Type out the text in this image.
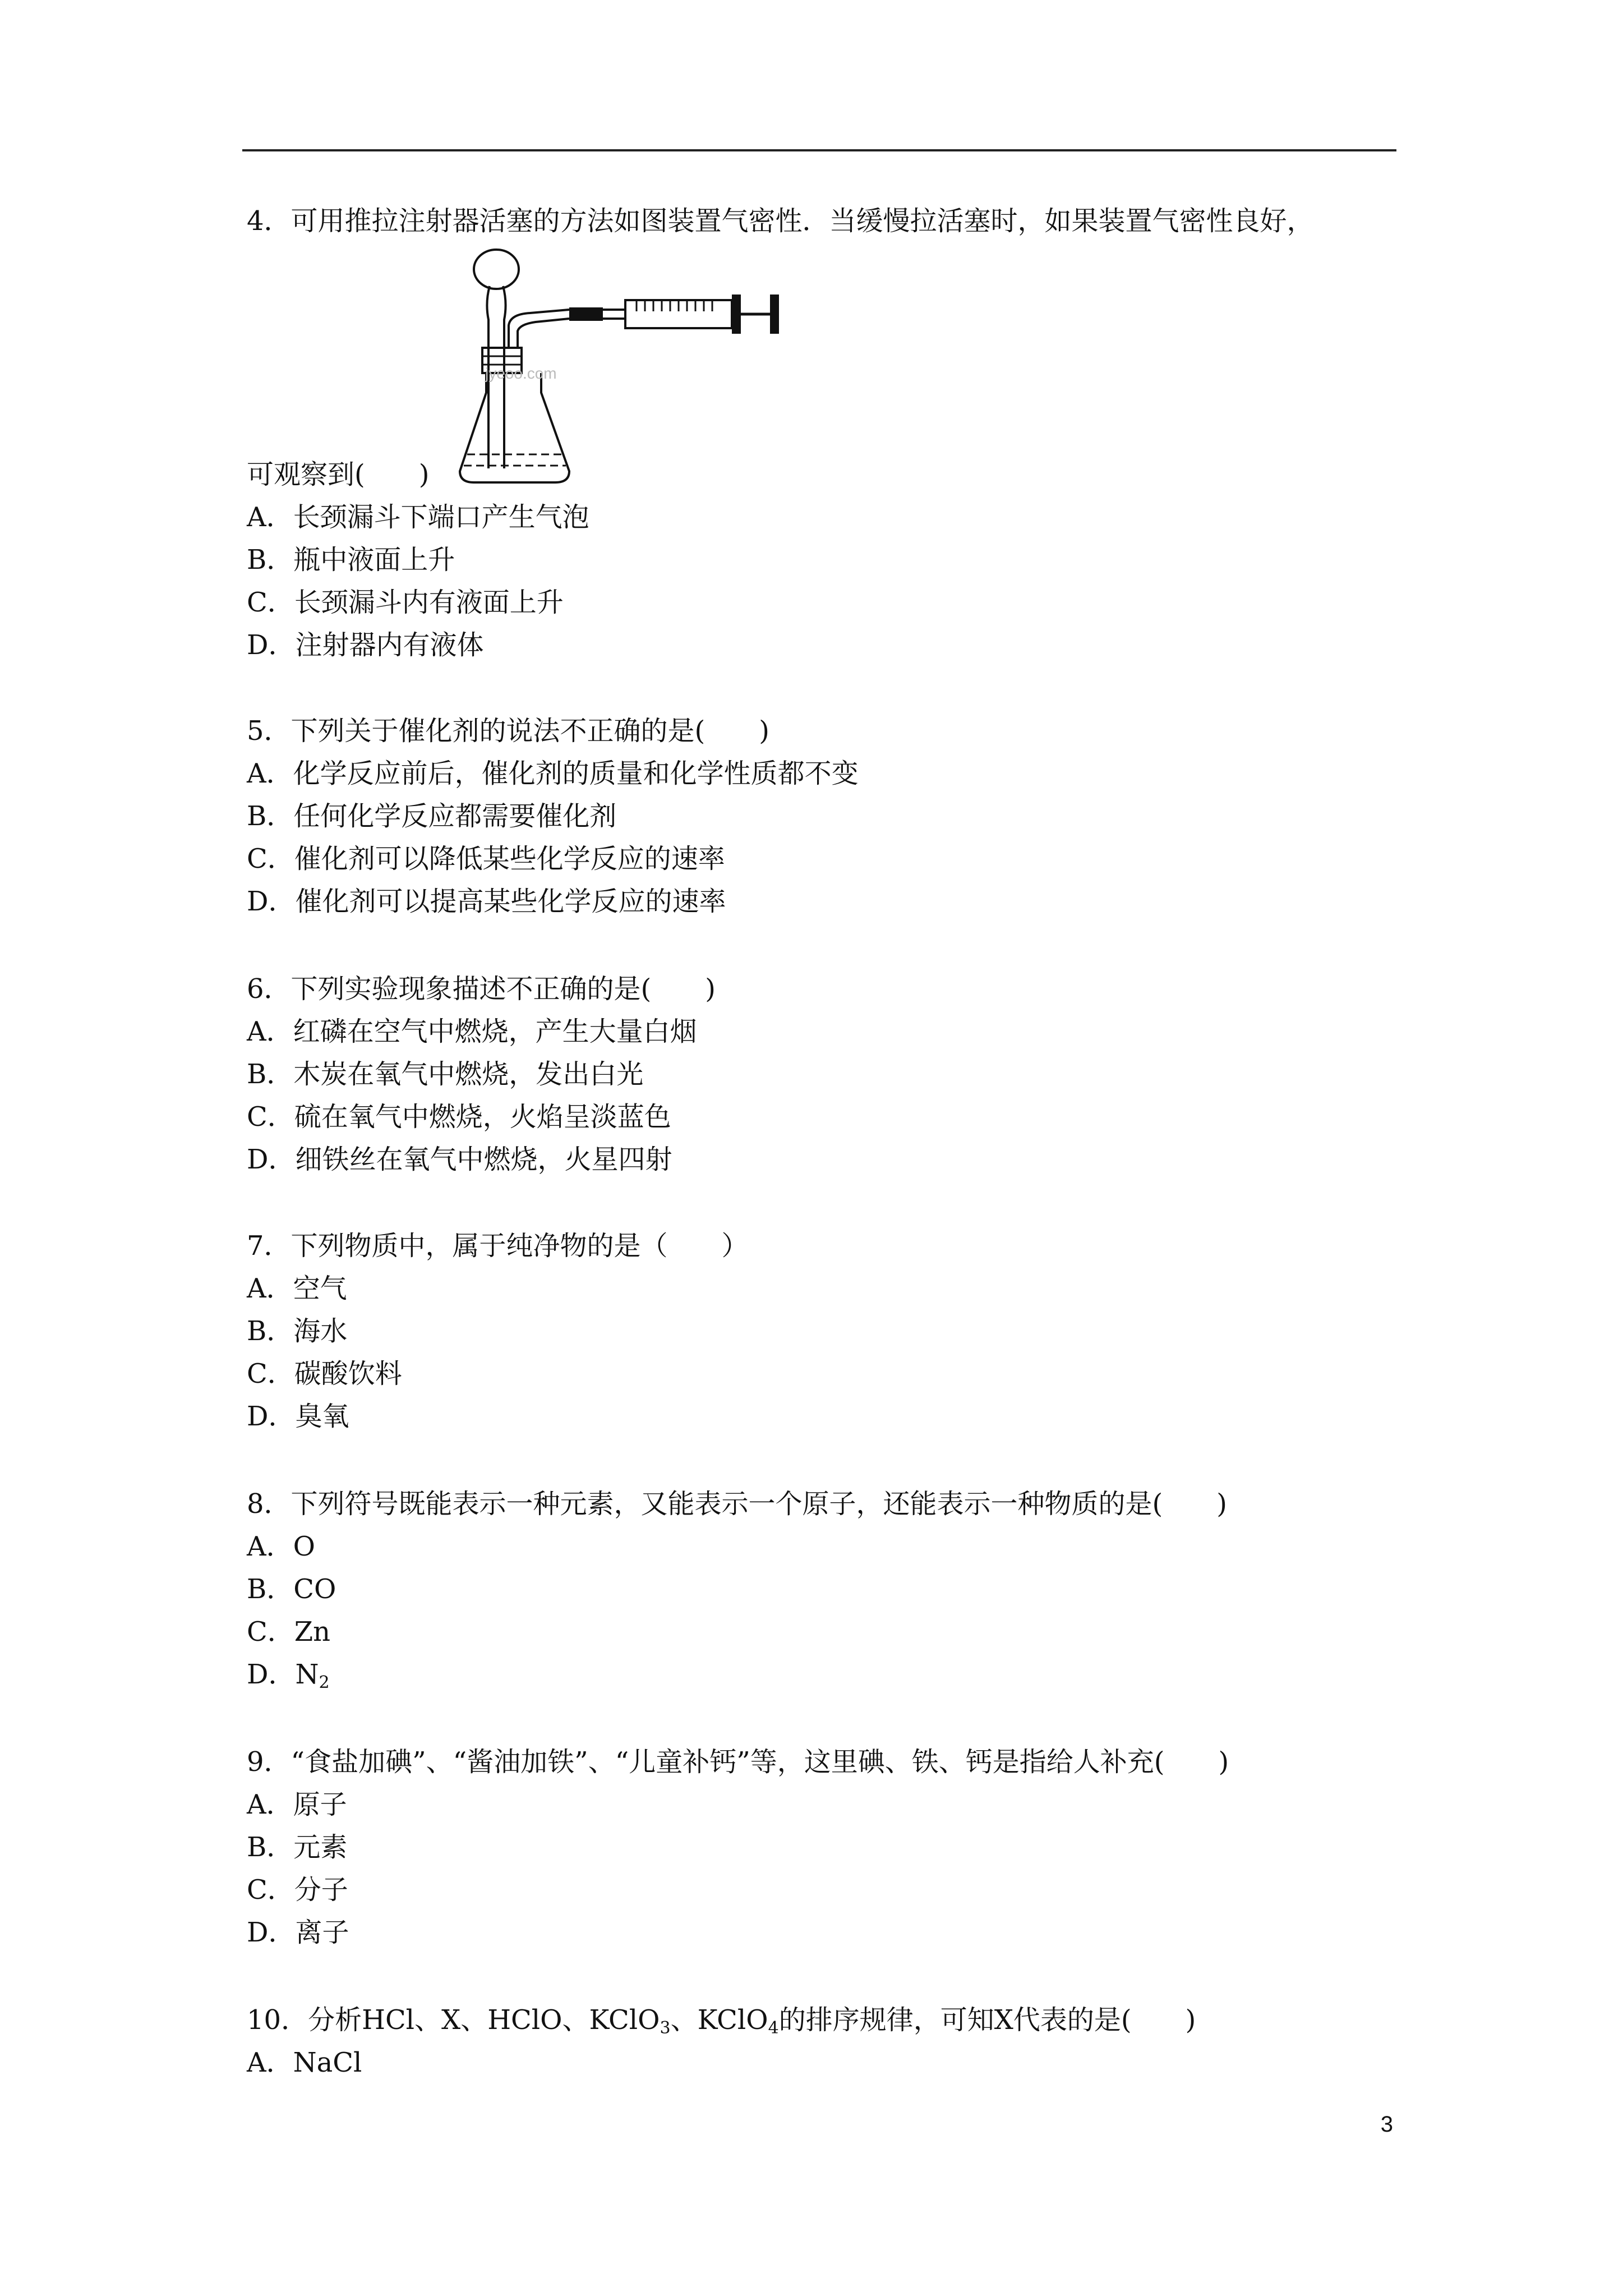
4．可用推拉注射器活塞的方法如图装置气密性．当缓慢拉活塞时，如果装置气密性良好，
jyeoo.com
可观察到(　　)
A．长颈漏斗下端口产生气泡
B．瓶中液面上升
C．长颈漏斗内有液面上升
D．注射器内有液体
5．下列关于催化剂的说法不正确的是(　　)
A．化学反应前后，催化剂的质量和化学性质都不变
B．任何化学反应都需要催化剂
C．催化剂可以降低某些化学反应的速率
D．催化剂可以提高某些化学反应的速率
6．下列实验现象描述不正确的是(　　)
A．红磷在空气中燃烧，产生大量白烟
B．木炭在氧气中燃烧，发出白光
C．硫在氧气中燃烧，火焰呈淡蓝色
D．细铁丝在氧气中燃烧，火星四射
7．下列物质中，属于纯净物的是（　　）
A．空气
B．海水
C．碳酸饮料
D．臭氧
8．下列符号既能表示一种元素，又能表示一个原子，还能表示一种物质的是(　　)
A．O
B．CO
C．Zn
D．$N_2$
9．“食盐加碘”、“酱油加铁”、“儿童补钙”等，这里碘、铁、钙是指给人补充(　　)
A．原子
B．元素
C．分子
D．离子
10．分析HCl、X、HClO、KClO$_3$、KClO$_4$的排序规律，可知X代表的是(　　)
A．NaCl
3
